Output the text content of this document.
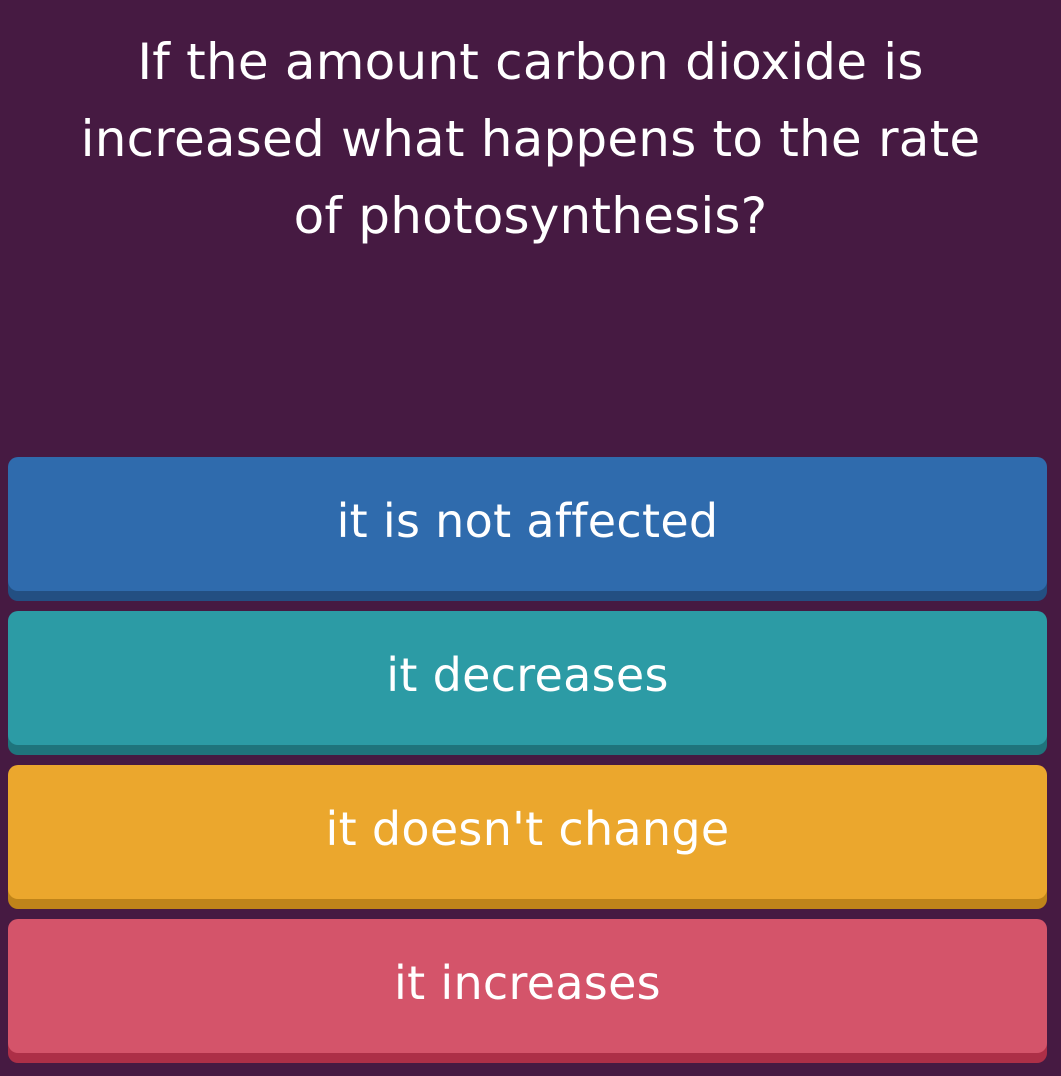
If the amount carbon dioxide is
increased what happens to the rate
of photosynthesis?
it is not affected
it decreases
it doesn't change
it increases
